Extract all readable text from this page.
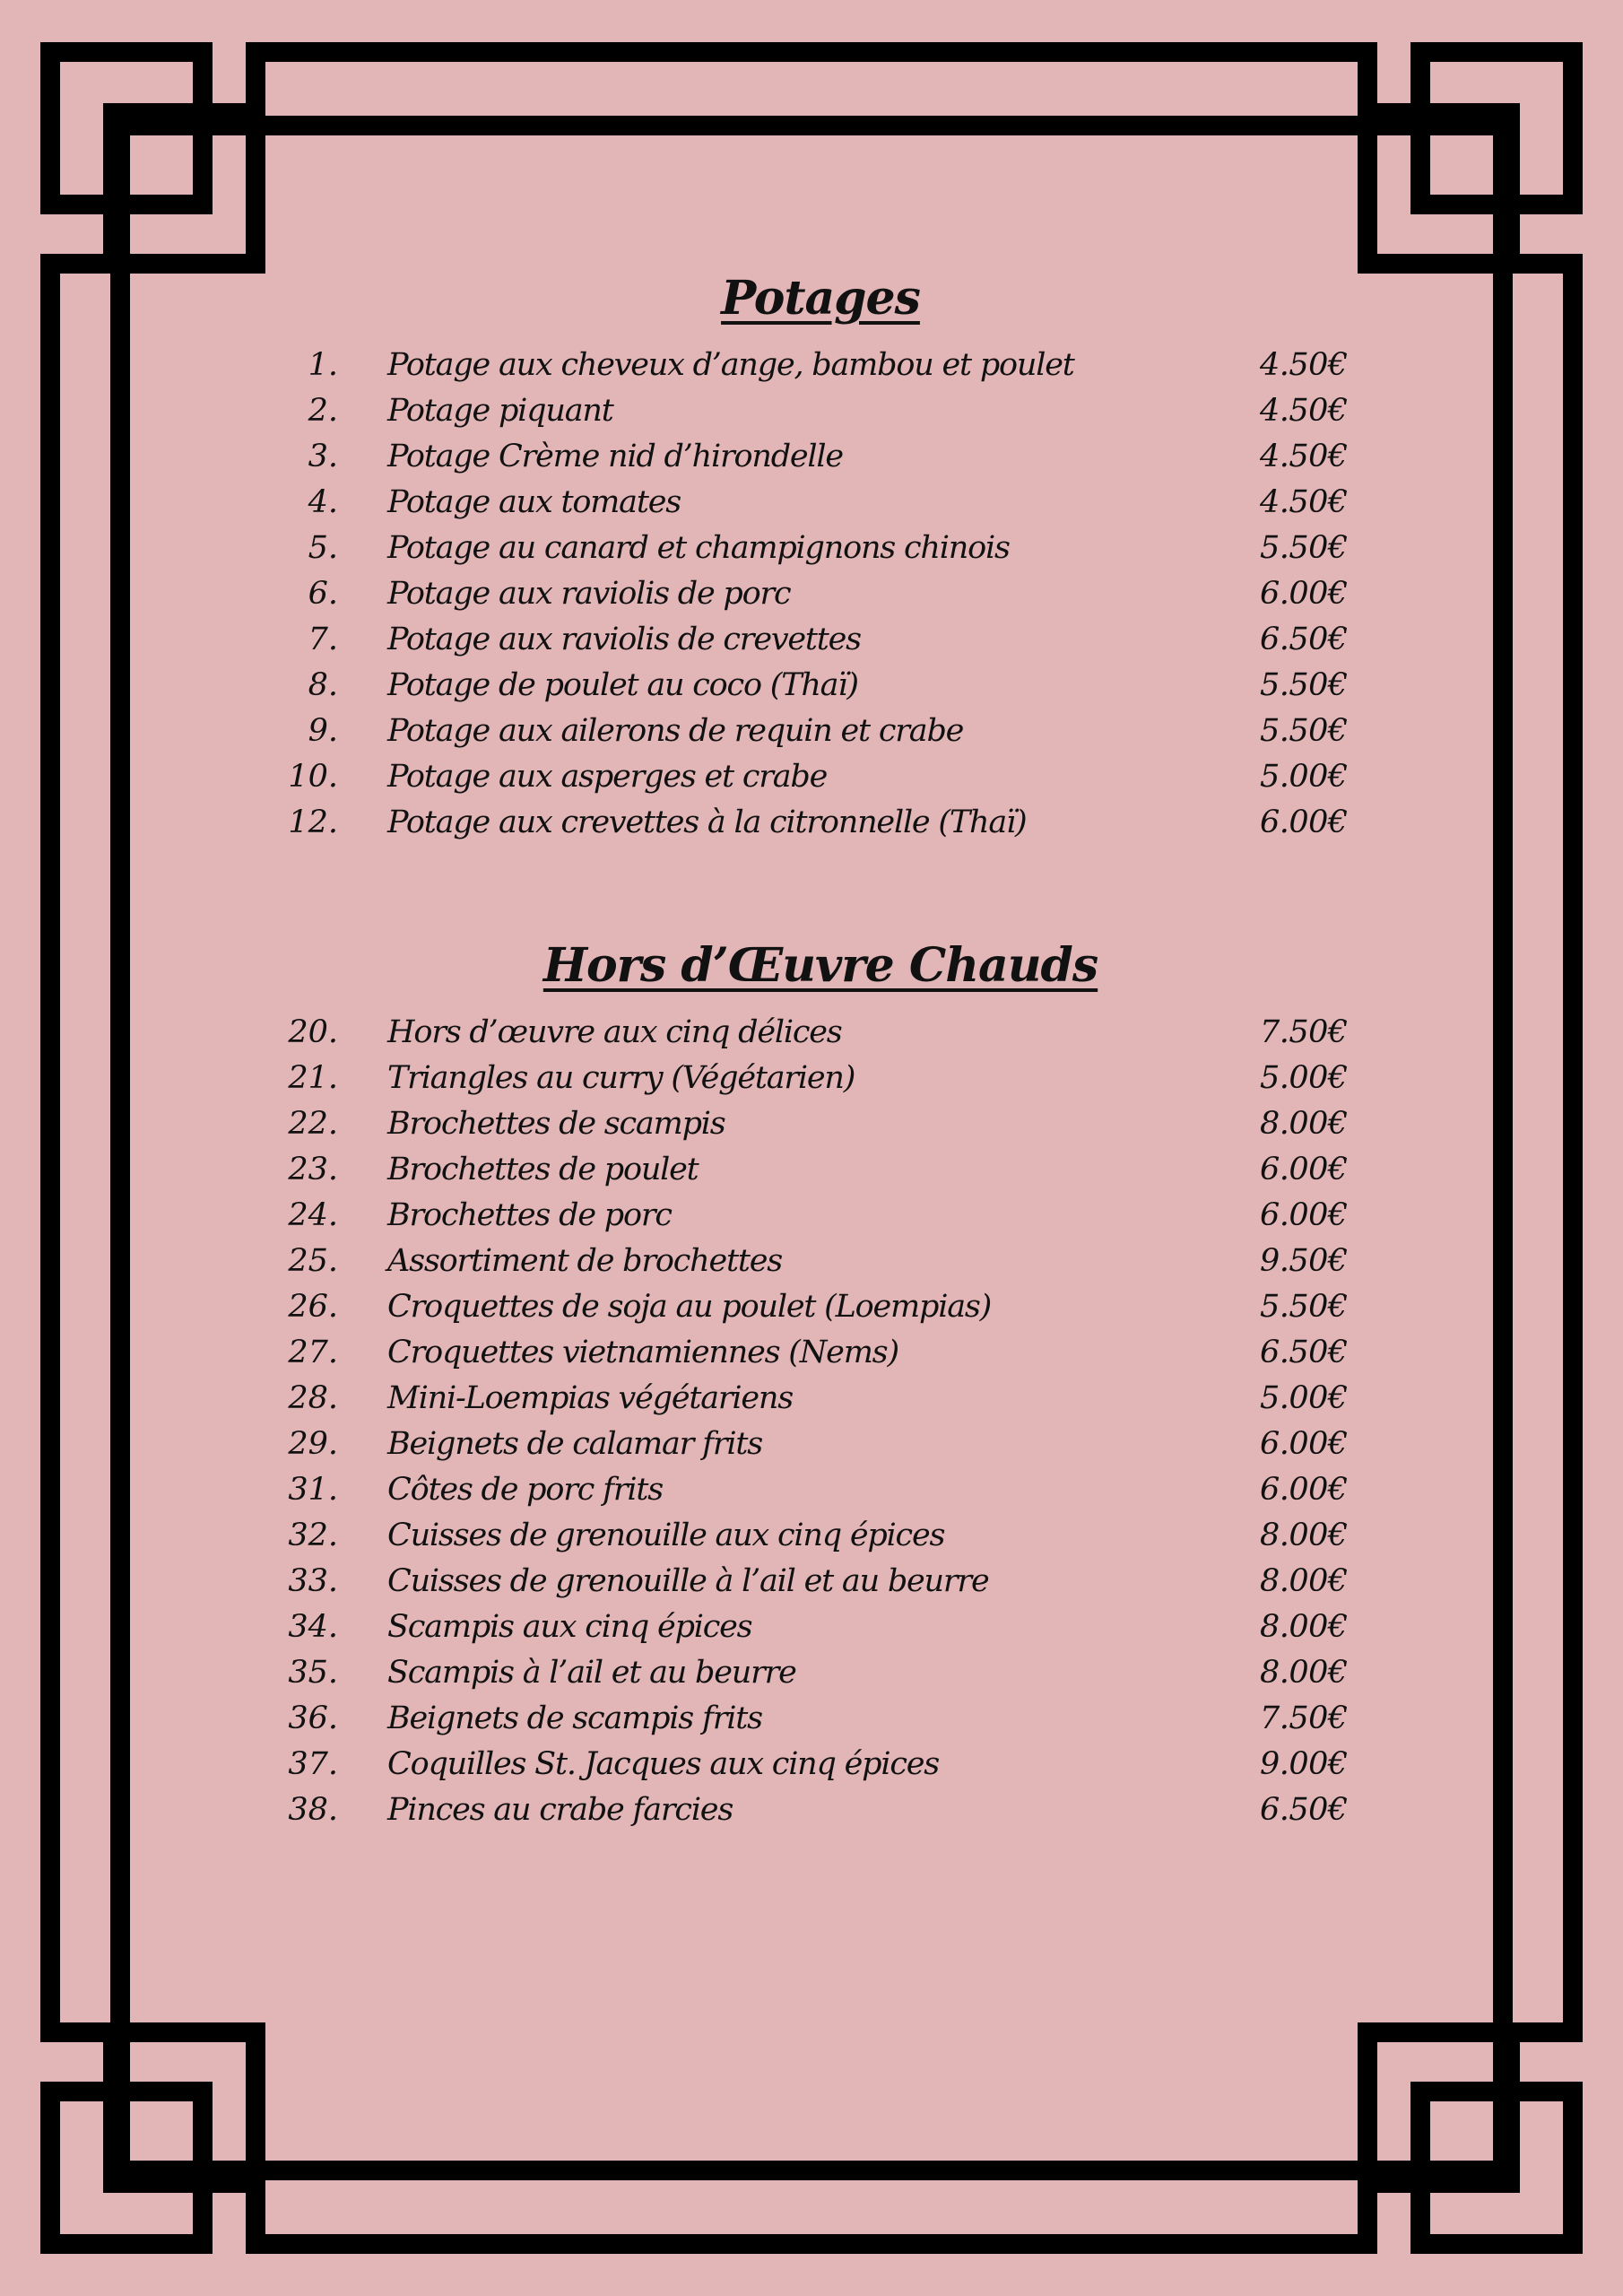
Potages
1. Potage aux cheveux d’ange, bambou et poulet	4.50€
2. Potage piquant	4.50€
3. Potage Crème nid d’hirondelle	4.50€
4. Potage aux tomates	4.50€
5. Potage au canard et champignons chinois	5.50€
6. Potage aux raviolis de porc	6.00€
7. Potage aux raviolis de crevettes	6.50€
8. Potage de poulet au coco (Thaï)	5.50€
9. Potage aux ailerons de requin et crabe	5.50€
10. Potage aux asperges et crabe	5.00€
12. Potage aux crevettes à la citronnelle (Thaï)	6.00€
Hors d’Œuvre Chauds
20. Hors d’œuvre aux cinq délices	7.50€
21. Triangles au curry (Végétarien)	5.00€
22. Brochettes de scampis	8.00€
23. Brochettes de poulet	6.00€
24. Brochettes de porc	6.00€
25. Assortiment de brochettes	9.50€
26. Croquettes de soja au poulet (Loempias)	5.50€
27. Croquettes vietnamiennes (Nems)	6.50€
28. Mini-Loempias végétariens	5.00€
29. Beignets de calamar frits	6.00€
31. Côtes de porc frits	6.00€
32. Cuisses de grenouille aux cinq épices	8.00€
33. Cuisses de grenouille à l’ail et au beurre	8.00€
34. Scampis aux cinq épices	8.00€
35. Scampis à l’ail et au beurre	8.00€
36. Beignets de scampis frits	7.50€
37. Coquilles St. Jacques aux cinq épices	9.00€
38. Pinces au crabe farcies	6.50€
